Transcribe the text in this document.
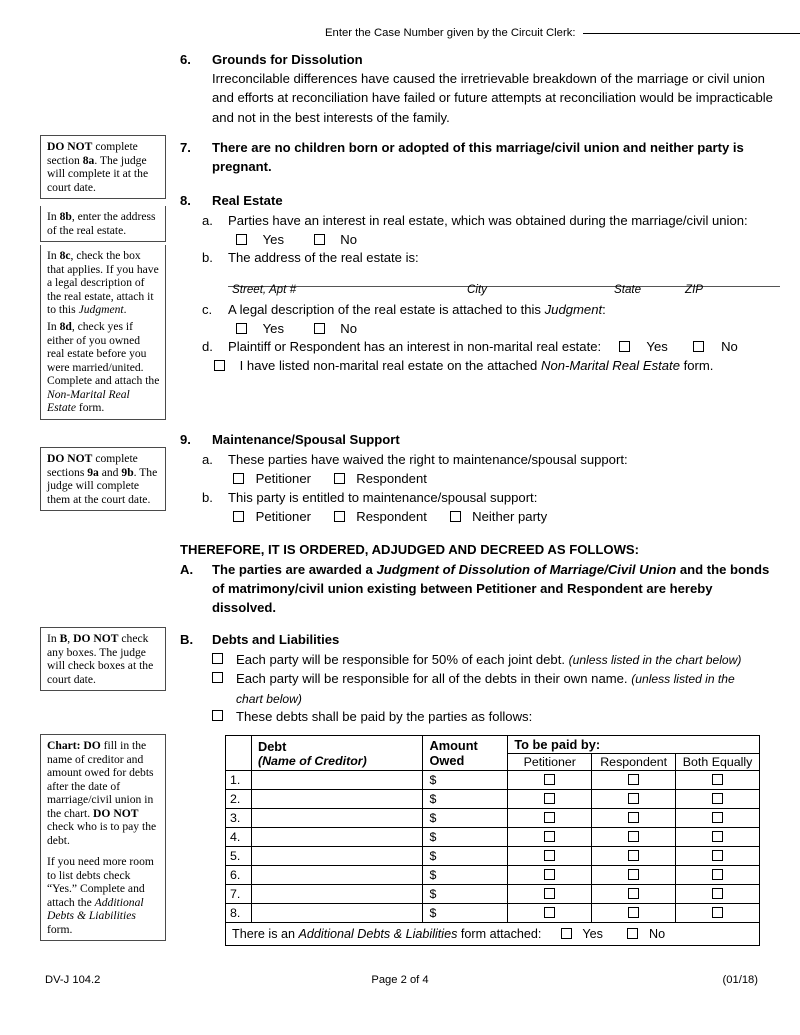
Enter the Case Number given by the Circuit Clerk:
DO NOT complete section 8a. The judge will complete it at the court date.
In 8b, enter the address of the real estate.
In 8c, check the box that applies. If you have a legal description of the real estate, attach it to this Judgment.
In 8d, check yes if either of you owned real estate before you were married/united. Complete and attach the Non-Marital Real Estate form.
DO NOT complete sections 9a and 9b. The judge will complete them at the court date.
In B, DO NOT check any boxes. The judge will check boxes at the court date.
Chart: DO fill in the name of creditor and amount owed for debts after the date of marriage/civil union in the chart. DO NOT check who is to pay the debt.
If you need more room to list debts check “Yes.” Complete and attach the Additional Debts & Liabilities form.
6.	Grounds for Dissolution
Irreconcilable differences have caused the irretrievable breakdown of the marriage or civil union and efforts at reconciliation have failed or future attempts at reconciliation would be impracticable and not in the best interests of the family.
7.	There are no children born or adopted of this marriage/civil union and neither party is pregnant.
8.	Real Estate
a.	Parties have an interest in real estate, which was obtained during the marriage/civil union:
Yes	No
b.	The address of the real estate is:
Street, Apt #	City	State	ZIP
c.	A legal description of the real estate is attached to this Judgment:
Yes	No
d.	Plaintiff or Respondent has an interest in non-marital real estate:	Yes	No
I have listed non-marital real estate on the attached Non-Marital Real Estate form.
9.	Maintenance/Spousal Support
a.	These parties have waived the right to maintenance/spousal support:
Petitioner	Respondent
b.	This party is entitled to maintenance/spousal support:
Petitioner	Respondent	Neither party
THEREFORE, IT IS ORDERED, ADJUDGED AND DECREED AS FOLLOWS:
A.	The parties are awarded a Judgment of Dissolution of Marriage/Civil Union and the bonds of matrimony/civil union existing between Petitioner and Respondent are hereby dissolved.
B.	Debts and Liabilities
Each party will be responsible for 50% of each joint debt. (unless listed in the chart below)
Each party will be responsible for all of the debts in their own name. (unless listed in the chart below)
These debts shall be paid by the parties as follows:

Debt
(Name of Creditor)

Amount
Owed
	To be paid by:
			Petitioner	Respondent	Both Equally
1.		$			
2.		$			
3.		$			
4.		$			
5.		$			
6.		$			
7.		$			
8.		$			
There is an Additional Debts & Liabilities form attached: Yes No					
DV-J 104.2	Page 2 of 4	(01/18)
